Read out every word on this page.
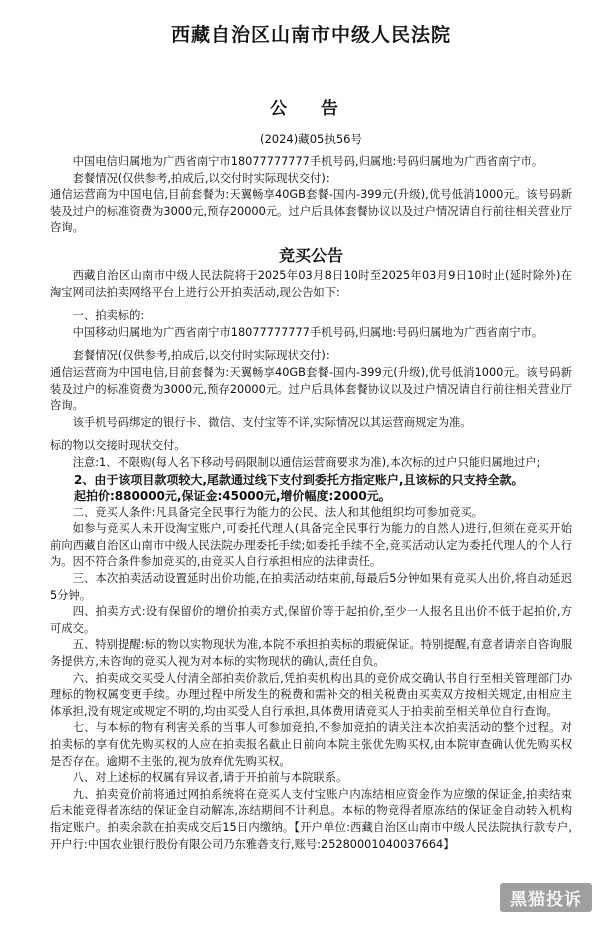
西藏自治区山南市中级人民法院
公 告
(2024)藏05执56号

中国电信归属地为广西省南宁市18077777777手机号码,归属地:号码归属地为广西省南宁市。

套餐情况(仅供参考,拍成后,以交付时实际现状交付):

通信运营商为中国电信,目前套餐为:天翼畅享40GB套餐-国内-399元(升级),优号低消1000元。该号码新装及过户的标准资费为3000元,预存20000元。过户后具体套餐协议以及过户情况请自行前往相关营业厅咨询。

竞买公告

西藏自治区山南市中级人民法院将于2025年03月8日10时至2025年03月9日10时止(延时除外)在淘宝网司法拍卖网络平台上进行公开拍卖活动,现公告如下:

一、拍卖标的:

中国移动归属地为广西省南宁市18077777777手机号码,归属地:号码归属地为广西省南宁市。

套餐情况(仅供参考,拍成后,以交付时实际现状交付):

通信运营商为中国电信,目前套餐为:天翼畅享40GB套餐-国内-399元(升级),优号低消1000元。该号码新装及过户的标准资费为3000元,预存20000元。过户后具体套餐协议以及过户情况请自行前往相关营业厅咨询。

该手机号码绑定的银行卡、微信、支付宝等不详,实际情况以其运营商规定为准。

标的物以交接时现状交付。

注意:1、不限购(每人名下移动号码限制以通信运营商要求为准),本次标的过户只能归属地过户;

2、由于该项目款项较大,尾款通过线下支付到委托方指定账户,且该标的只支持全款。

起拍价:880000元,保证金:45000元,增价幅度:2000元。

二、竞买人条件:凡具备完全民事行为能力的公民、法人和其他组织均可参加竞买。

如参与竞买人未开设淘宝账户,可委托代理人(具备完全民事行为能力的自然人)进行,但须在竞买开始前向西藏自治区山南市中级人民法院办理委托手续;如委托手续不全,竞买活动认定为委托代理人的个人行为。因不符合条件参加竞买的,由竞买人自行承担相应的法律责任。

三、本次拍卖活动设置延时出价功能,在拍卖活动结束前,每最后5分钟如果有竞买人出价,将自动延迟5分钟。

四、拍卖方式:设有保留价的增价拍卖方式,保留价等于起拍价,至少一人报名且出价不低于起拍价,方可成交。

五、特别提醒:标的物以实物现状为准,本院不承担拍卖标的瑕疵保证。特别提醒,有意者请亲自咨询服务提供方,未咨询的竞买人视为对本标的实物现状的确认,责任自负。

六、拍卖成交买受人付清全部拍卖价款后,凭拍卖机构出具的竞价成交确认书自行至相关管理部门办理标的物权属变更手续。办理过程中所发生的税费和需补交的相关税费由买卖双方按相关规定,由相应主体承担,没有规定或规定不明的,均由买受人自行承担,具体费用请竞买人于拍卖前至相关单位自行查询。

七、与本标的物有利害关系的当事人可参加竞拍,不参加竞拍的请关注本次拍卖活动的整个过程。对拍卖标的享有优先购买权的人应在拍卖报名截止日前向本院主张优先购买权,由本院审查确认优先购买权是否存在。逾期不主张的,视为放弃优先购买权。

八、对上述标的权属有异议者,请于开拍前与本院联系。

九、拍卖竞价前将通过网拍系统将在竞买人支付宝账户内冻结相应资金作为应缴的保证金,拍卖结束后未能竞得者冻结的保证金自动解冻,冻结期间不计利息。本标的物竞得者原冻结的保证金自动转入机构指定账户。拍卖余款在拍卖成交后15日内缴纳。【开户单位:西藏自治区山南市中级人民法院执行款专户,开户行:中国农业银行股份有限公司乃东雅砻支行,账号:25280001040037664】

黑猫投诉
